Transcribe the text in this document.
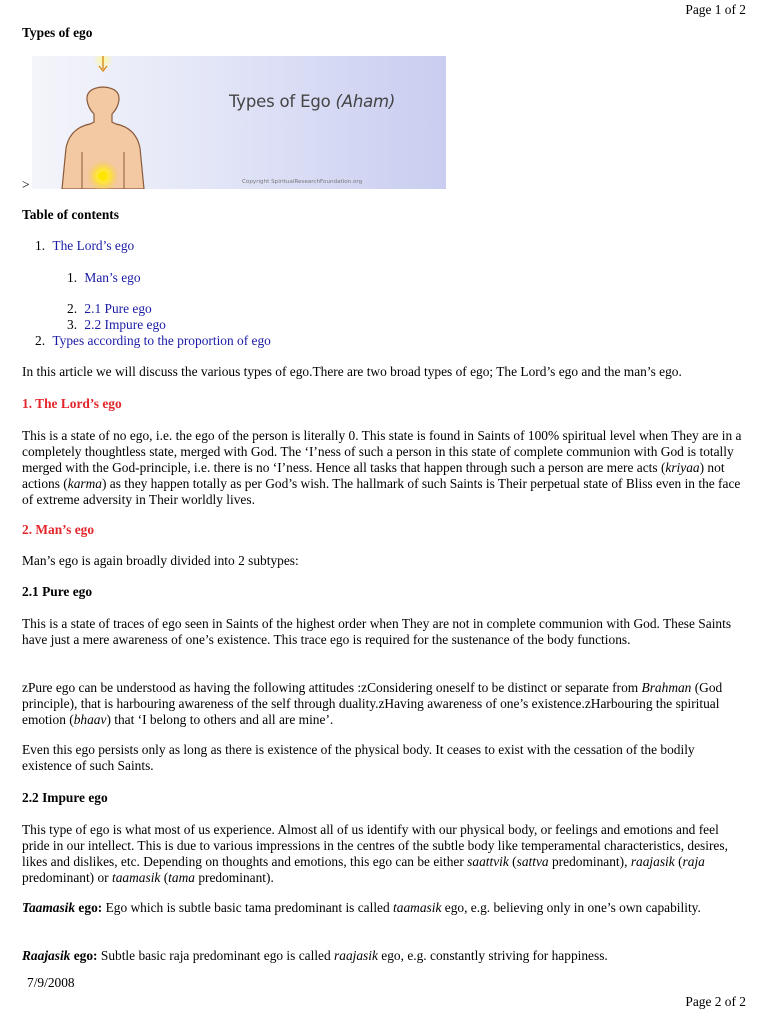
Page 1 of 2
Types of ego
Types of Ego (Aham)
Copyright SpiritualResearchFoundation.org
>
Table of contents
1. The Lord’s ego
1. Man’s ego
2. 2.1 Pure ego
3. 2.2 Impure ego
2. Types according to the proportion of ego

In this article we will discuss the various types of ego.There are two broad types of ego; The Lord’s ego and the man’s ego.

1. The Lord’s ego

This is a state of no ego, i.e. the ego of the person is literally 0. This state is found in Saints of 100% spiritual level when They are in a completely thoughtless state, merged with God. The ‘I’ness of such a person in this state of complete communion with God is totally merged with the God-principle, i.e. there is no ‘I’ness. Hence all tasks that happen through such a person are mere acts (kriyaa) not actions (karma) as they happen totally as per God’s wish. The hallmark of such Saints is Their perpetual state of Bliss even in the face of extreme adversity in Their worldly lives.

2. Man’s ego

Man’s ego is again broadly divided into 2 subtypes:

2.1 Pure ego

This is a state of traces of ego seen in Saints of the highest order when They are not in complete communion with God. These Saints have just a mere awareness of one’s existence. This trace ego is required for the sustenance of the body functions.

zPure ego can be understood as having the following attitudes :zConsidering oneself to be distinct or separate from Brahman (God principle), that is harbouring awareness of the self through duality.zHaving awareness of one’s existence.zHarbouring the spiritual emotion (bhaav) that ‘I belong to others and all are mine’.

Even this ego persists only as long as there is existence of the physical body. It ceases to exist with the cessation of the bodily existence of such Saints.

2.2 Impure ego

This type of ego is what most of us experience. Almost all of us identify with our physical body, or feelings and emotions and feel pride in our intellect. This is due to various impressions in the centres of the subtle body like temperamental characteristics, desires, likes and dislikes, etc. Depending on thoughts and emotions, this ego can be either saattvik (sattva predominant), raajasik (raja predominant) or taamasik (tama predominant).

Taamasik ego: Ego which is subtle basic tama predominant is called taamasik ego, e.g. believing only in one’s own capability.

Raajasik ego: Subtle basic raja predominant ego is called raajasik ego, e.g. constantly striving for happiness.

7/9/2008
Page 2 of 2
